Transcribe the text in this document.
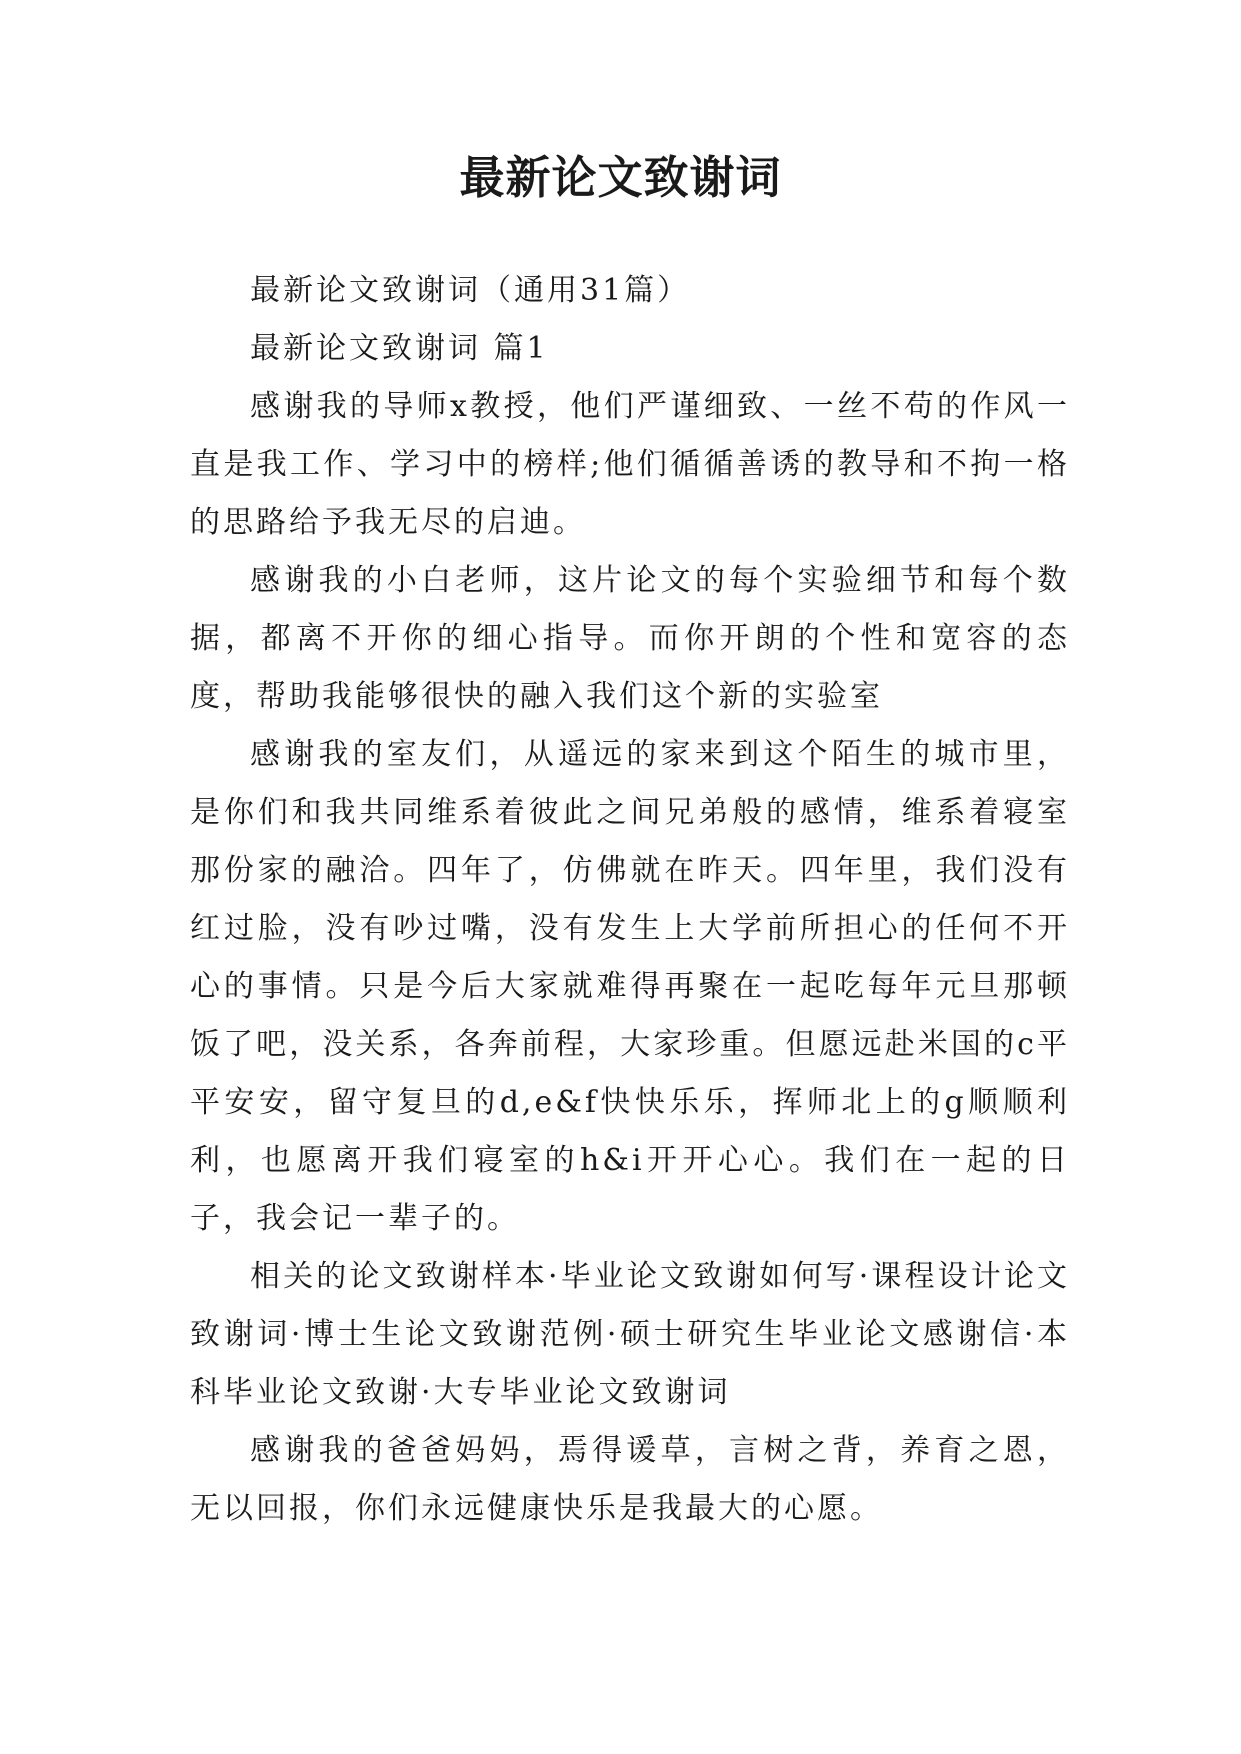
最新论文致谢词

最新论文致谢词（通用31篇）

最新论文致谢词 篇1

感谢我的导师x教授，他们严谨细致、一丝不苟的作风一直是我工作、学习中的榜样;他们循循善诱的教导和不拘一格的思路给予我无尽的启迪。

感谢我的小白老师，这片论文的每个实验细节和每个数据，都离不开你的细心指导。而你开朗的个性和宽容的态度，帮助我能够很快的融入我们这个新的实验室

感谢我的室友们，从遥远的家来到这个陌生的城市里，是你们和我共同维系着彼此之间兄弟般的感情，维系着寝室那份家的融洽。四年了，仿佛就在昨天。四年里，我们没有红过脸，没有吵过嘴，没有发生上大学前所担心的任何不开心的事情。只是今后大家就难得再聚在一起吃每年元旦那顿饭了吧，没关系，各奔前程，大家珍重。但愿远赴米国的c平平安安，留守复旦的d,e&f快快乐乐，挥师北上的g顺顺利利，也愿离开我们寝室的h&i开开心心。我们在一起的日子，我会记一辈子的。

相关的论文致谢样本·毕业论文致谢如何写·课程设计论文致谢词·博士生论文致谢范例·硕士研究生毕业论文感谢信·本科毕业论文致谢·大专毕业论文致谢词

感谢我的爸爸妈妈，焉得谖草，言树之背，养育之恩，无以回报，你们永远健康快乐是我最大的心愿。
